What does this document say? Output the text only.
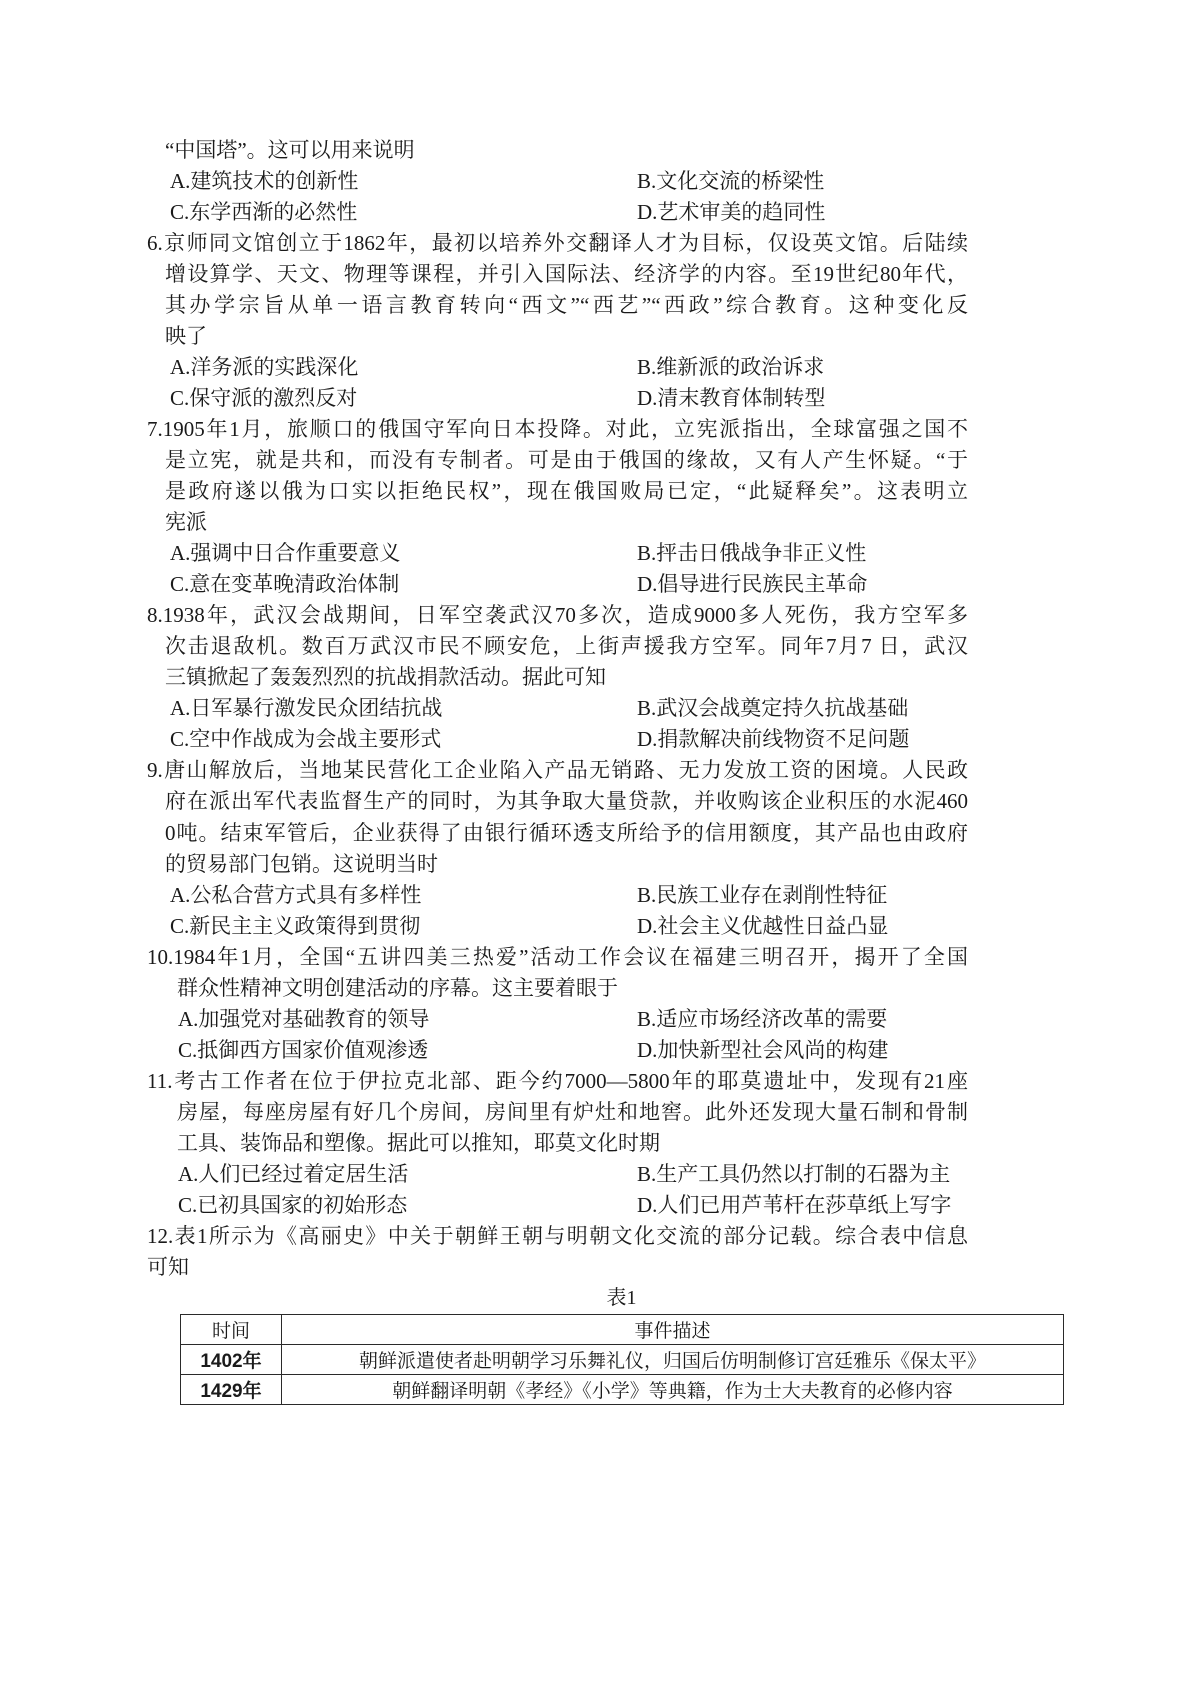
“中国塔”。这可以用来说明
A.建筑技术的创新性	B.文化交流的桥梁性
C.东学西渐的必然性	D.艺术审美的趋同性
6.京师同文馆创立于1862年，最初以培养外交翻译人才为目标，仅设英文馆。后陆续
增设算学、天文、物理等课程，并引入国际法、经济学的内容。至19世纪80年代，
其办学宗旨从单一语言教育转向“西文”“西艺”“西政”综合教育。这种变化反
映了
A.洋务派的实践深化	B.维新派的政治诉求
C.保守派的激烈反对	D.清末教育体制转型
7.1905年1月，旅顺口的俄国守军向日本投降。对此，立宪派指出，全球富强之国不
是立宪，就是共和，而没有专制者。可是由于俄国的缘故，又有人产生怀疑。“于
是政府遂以俄为口实以拒绝民权”，现在俄国败局已定，“此疑释矣”。这表明立
宪派
A.强调中日合作重要意义	B.抨击日俄战争非正义性
C.意在变革晚清政治体制	D.倡导进行民族民主革命
8.1938年，武汉会战期间，日军空袭武汉70多次，造成9000多人死伤，我方空军多
次击退敌机。数百万武汉市民不顾安危，上街声援我方空军。同年7月7 日，武汉
三镇掀起了轰轰烈烈的抗战捐款活动。据此可知
A.日军暴行激发民众团结抗战	B.武汉会战奠定持久抗战基础
C.空中作战成为会战主要形式	D.捐款解决前线物资不足问题
9.唐山解放后，当地某民营化工企业陷入产品无销路、无力发放工资的困境。人民政
府在派出军代表监督生产的同时，为其争取大量贷款，并收购该企业积压的水泥460
0吨。结束军管后，企业获得了由银行循环透支所给予的信用额度，其产品也由政府
的贸易部门包销。这说明当时
A.公私合营方式具有多样性	B.民族工业存在剥削性特征
C.新民主主义政策得到贯彻	D.社会主义优越性日益凸显
10.1984年1月，全国“五讲四美三热爱”活动工作会议在福建三明召开，揭开了全国
群众性精神文明创建活动的序幕。这主要着眼于
A.加强党对基础教育的领导	B.适应市场经济改革的需要
C.抵御西方国家价值观渗透	D.加快新型社会风尚的构建
11.考古工作者在位于伊拉克北部、距今约7000—5800年的耶莫遗址中，发现有21座
房屋，每座房屋有好几个房间，房间里有炉灶和地窖。此外还发现大量石制和骨制
工具、装饰品和塑像。据此可以推知，耶莫文化时期
A.人们已经过着定居生活	B.生产工具仍然以打制的石器为主
C.已初具国家的初始形态	D.人们已用芦苇杆在莎草纸上写字
12.表1所示为《高丽史》中关于朝鲜王朝与明朝文化交流的部分记载。综合表中信息
可知
表1
时间	事件描述
1402年	朝鲜派遣使者赴明朝学习乐舞礼仪，归国后仿明制修订宫廷雅乐《保太平》
1429年	朝鲜翻译明朝《孝经》《小学》等典籍，作为士大夫教育的必修内容
